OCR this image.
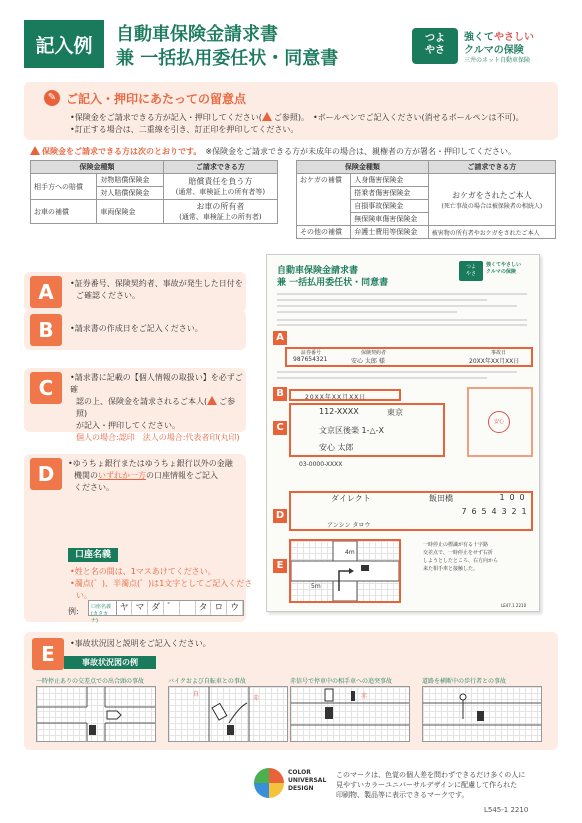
記入例	自動車保険金請求書
兼 一括払用委任状・同意書
つよ
やさ
強くてやさしい
クルマの保険
三井のネット自動車保険
✎ ご記入・押印にあたっての留意点
•保険金をご請求できる方が記入・押印してください( ご参照)。　 •ボールペンでご記入ください(消せるボールペンは不可)。
•訂正する場合は、二重線を引き、訂正印を押印してください。
保険金をご請求できる方は次のとおりです。　 ※保険金をご請求できる方が未成年の場合は、親権者の方が署名・押印してください。
保険金種類		ご請求できる方
相手方への賠償	対物賠償保険金	賠償責任を負う方
(通常、車検証上の所有者等)

	対人賠償保険金	
お車の補償	車両保険金	お車の所有者
(通常、車検証上の所有者)
保険金種類		ご請求できる方
おケガの補償	人身傷害保険金	おケガをされたご本人
(死亡事故の場合は被保険者の相続人)

	搭乗者傷害保険金	
	自損事故保険金	
	無保険車傷害保険金	
その他の補償	弁護士費用等保険金	被害物の所有者やおケガをされたご本人
A	•証券番号、保険契約者、事故が発生した日付を
ご確認ください。
B	•請求書の作成日をご記入ください。
C	•請求書に記載の【個人情報の取扱い】を必ずご確
認の上、保険金を請求されるご本人( ご参照)
が記入・押印してください。
個人の場合:認印　法人の場合:代表者印(丸印)
D	•ゆうちょ銀行またはゆうちょ銀行以外の金融
機関のいずれか一方の口座情報をご記入
ください。
口座名義
例:	口座名義(カタカナ)
ヤ マ ダ ゛	タ ロ ウ
自動車保険金請求書
兼 一括払用委任状・同意書
つよ
やさ
強くてやさしい
クルマの保険
A
証券番号
987654321
保険契約者
安心 太郎 様
事故日
20XX年XX月XX日
B	20XX年XX月XX日
C
112-XXXX	東京
文京区後楽 1-△-X
安心 太郎
安心
03-0000-XXXX
D
ダイレクト	飯田橋	1 0 0
7 6 5 4 3 2 1
アンシン タロウ
E
4m
5m
一時停止の標識が有る十字路
交差点で、一時停止をせず右折
しようとしたところ、右方向から
来た相手車と接触した。
LE47.1 2210
E	•事故状況図と説明をご記入ください。
事故状況図の例
一時停止ありの交差点での出合頭の事故	バイクおよび自転車との事故	赤信号で停車中の相手車への追突事故	道路を横断中の歩行者との事故
自
赤	赤
COLOR
UNIVERSAL
DESIGN
このマークは、色覚の個人差を問わずできるだけ多くの人に
見やすいカラーユニバーサルデザインに配慮して作られた
印刷物、製品等に表示できるマークです。
L545-1 2210
•姓と名の間は、1マスあけてください。
•濁点(゛)、半濁点(゜)は1文字としてご記入くださ
い。
